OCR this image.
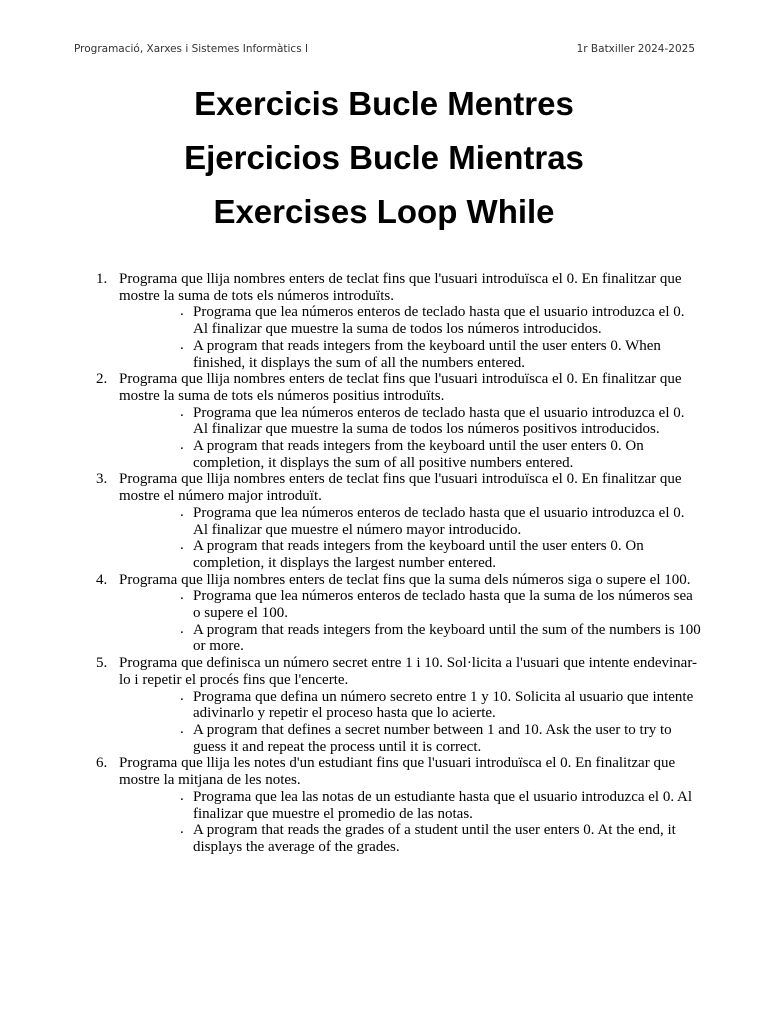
Programació, Xarxes i Sistemes Informàtics I	1r Batxiller 2024-2025
Exercicis Bucle Mentres
Ejercicios Bucle Mientras
Exercises Loop While
1. Programa que llija nombres enters de teclat fins que l'usuari introduïsca el 0. En finalitzar que mostre la suma de tots els números introduïts.
. Programa que lea números enteros de teclado hasta que el usuario introduzca el 0. Al finalizar que muestre la suma de todos los números introducidos.
. A program that reads integers from the keyboard until the user enters 0. When finished, it displays the sum of all the numbers entered.
2. Programa que llija nombres enters de teclat fins que l'usuari introduïsca el 0. En finalitzar que mostre la suma de tots els números positius introduïts.
. Programa que lea números enteros de teclado hasta que el usuario introduzca el 0. Al finalizar que muestre la suma de todos los números positivos introducidos.
. A program that reads integers from the keyboard until the user enters 0. On completion, it displays the sum of all positive numbers entered.
3. Programa que llija nombres enters de teclat fins que l'usuari introduïsca el 0. En finalitzar que mostre el número major introduït.
. Programa que lea números enteros de teclado hasta que el usuario introduzca el 0. Al finalizar que muestre el número mayor introducido.
. A program that reads integers from the keyboard until the user enters 0. On completion, it displays the largest number entered.
4. Programa que llija nombres enters de teclat fins que la suma dels números siga o supere el 100.
. Programa que lea números enteros de teclado hasta que la suma de los números sea o supere el 100.
. A program that reads integers from the keyboard until the sum of the numbers is 100 or more.
5. Programa que definisca un número secret entre 1 i 10. Sol·licita a l'usuari que intente endevinar-lo i repetir el procés fins que l'encerte.
. Programa que defina un número secreto entre 1 y 10. Solicita al usuario que intente adivinarlo y repetir el proceso hasta que lo acierte.
. A program that defines a secret number between 1 and 10. Ask the user to try to guess it and repeat the process until it is correct.
6. Programa que llija les notes d'un estudiant fins que l'usuari introduïsca el 0. En finalitzar que mostre la mitjana de les notes.
. Programa que lea las notas de un estudiante hasta que el usuario introduzca el 0. Al finalizar que muestre el promedio de las notas.
. A program that reads the grades of a student until the user enters 0. At the end, it displays the average of the grades.
